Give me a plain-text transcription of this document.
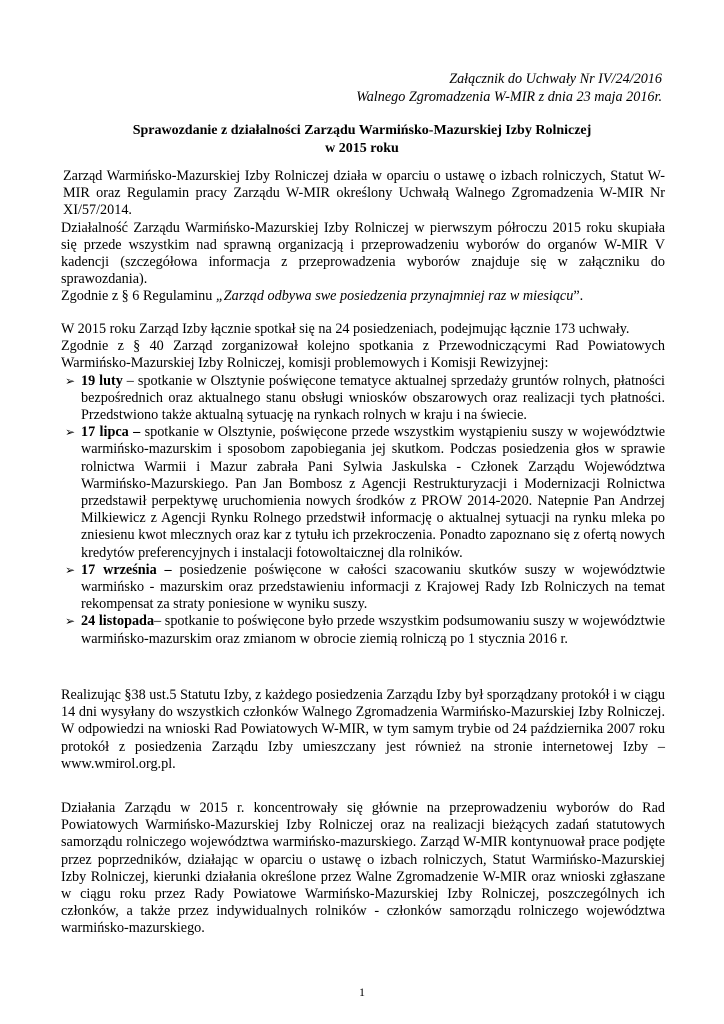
Załącznik do Uchwały Nr IV/24/2016
Walnego Zgromadzenia W-MIR z dnia 23 maja 2016r.
Sprawozdanie z działalności Zarządu Warmińsko-Mazurskiej Izby Rolniczej
w 2015 roku

Zarząd Warmińsko-Mazurskiej Izby Rolniczej działa w oparciu o ustawę o izbach rolniczych, Statut W-MIR oraz Regulamin pracy Zarządu W-MIR określony Uchwałą Walnego Zgromadzenia W-MIR Nr XI/57/2014.

Działalność Zarządu Warmińsko-Mazurskiej Izby Rolniczej w pierwszym półroczu 2015 roku skupiała się przede wszystkim nad sprawną organizacją i przeprowadzeniu wyborów do organów W-MIR V kadencji (szczegółowa informacja z przeprowadzenia wyborów znajduje się w załączniku do sprawozdania).

Zgodnie z § 6 Regulaminu „Zarząd odbywa swe posiedzenia przynajmniej raz w miesiącu”.

W 2015 roku Zarząd Izby łącznie spotkał się na 24 posiedzeniach, podejmując łącznie 173 uchwały.

Zgodnie z § 40 Zarząd zorganizował kolejno spotkania z Przewodniczącymi Rad Powiatowych Warmińsko-Mazurskiej Izby Rolniczej, komisji problemowych i Komisji Rewizyjnej:

➢ 19 luty – spotkanie w Olsztynie poświęcone tematyce aktualnej sprzedaży gruntów rolnych, płatności bezpośrednich oraz aktualnego stanu obsługi wniosków obszarowych oraz realizacji tych płatności. Przedstwiono także aktualną sytuację na rynkach rolnych w kraju i na świecie.
➢ 17 lipca – spotkanie w Olsztynie, poświęcone przede wszystkim wystąpieniu suszy w województwie warmińsko-mazurskim i sposobom zapobiegania jej skutkom. Podczas posiedzenia głos w sprawie rolnictwa Warmii i Mazur zabrała Pani Sylwia Jaskulska - Członek Zarządu Województwa Warmińsko-Mazurskiego. Pan Jan Bombosz z Agencji Restrukturyzacji i Modernizacji Rolnictwa przedstawił perpektywę uruchomienia nowych środków z PROW 2014-2020. Natepnie Pan Andrzej Milkiewicz z Agencji Rynku Rolnego przedstwił informację o aktualnej sytuacji na rynku mleka po zniesienu kwot mlecznych oraz kar z tytułu ich przekroczenia. Ponadto zapoznano się z ofertą nowych kredytów preferencyjnych i instalacji fotowoltaicznej dla rolników.
➢ 17 września – posiedzenie poświęcone w całości szacowaniu skutków suszy w województwie warmińsko - mazurskim oraz przedstawieniu informacji z Krajowej Rady Izb Rolniczych na temat rekompensat za straty poniesione w wyniku suszy.
➢ 24 listopada– spotkanie to poświęcone było przede wszystkim podsumowaniu suszy w województwie warmińsko-mazurskim oraz zmianom w obrocie ziemią rolniczą po 1 stycznia 2016 r.

Realizując §38 ust.5 Statutu Izby, z każdego posiedzenia Zarządu Izby był sporządzany protokół i w ciągu 14 dni wysyłany do wszystkich członków Walnego Zgromadzenia Warmińsko-Mazurskiej Izby Rolniczej. W odpowiedzi na wnioski Rad Powiatowych W-MIR, w tym samym trybie od 24 października 2007 roku protokół z posiedzenia Zarządu Izby umieszczany jest również na stronie internetowej Izby – www.wmirol.org.pl.

Działania Zarządu w 2015 r. koncentrowały się głównie na przeprowadzeniu wyborów do Rad Powiatowych Warmińsko-Mazurskiej Izby Rolniczej oraz na realizacji bieżących zadań statutowych samorządu rolniczego województwa warmińsko-mazurskiego. Zarząd W-MIR kontynuował prace podjęte przez poprzedników, działając w oparciu o ustawę o izbach rolniczych, Statut Warmińsko-Mazurskiej Izby Rolniczej, kierunki działania określone przez Walne Zgromadzenie W-MIR oraz wnioski zgłaszane w ciągu roku przez Rady Powiatowe Warmińsko-Mazurskiej Izby Rolniczej, poszczególnych ich członków, a także przez indywidualnych rolników - członków samorządu rolniczego województwa warmińsko-mazurskiego.

1
